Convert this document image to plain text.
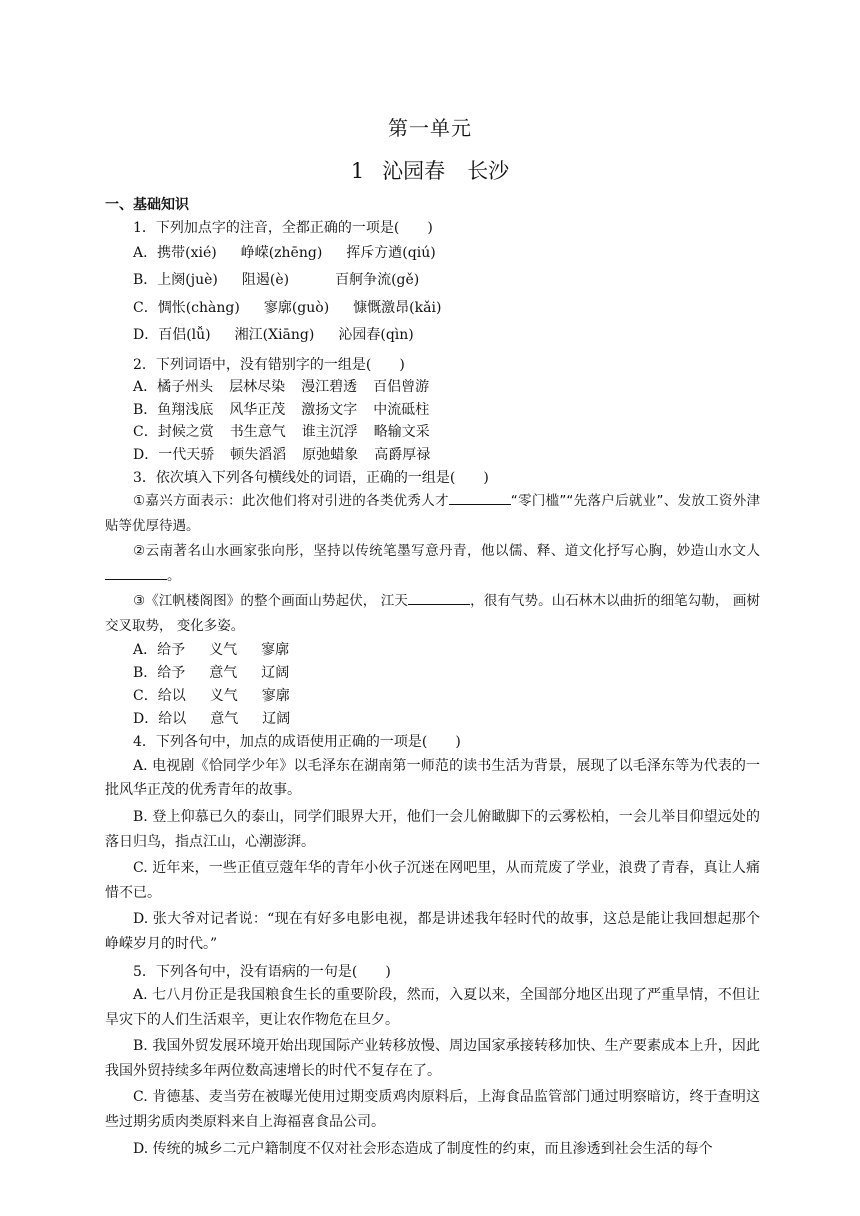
第一单元
1 沁园春 长沙
一、基础知识
1．下列加点字的注音，全都正确的一项是(　　)
A．携带(xié) 峥嵘(zhēng) 挥斥方遒(qiú)
B．上阕(juè) 阻遏(è)	百舸争流(gě)
C．惆怅(chàng) 寥廓(guò) 慷慨激昂(kǎi)
D．百侣(lǚ) 湘江(Xiāng) 沁园春(qìn)
2．下列词语中，没有错别字的一组是(　　)
A．橘子州头 层林尽染 漫江碧透 百侣曾游
B．鱼翔浅底 风华正茂 激扬文字 中流砥柱
C．封候之赏 书生意气 谁主沉浮 略输文采
D．一代天骄 顿失滔滔 原弛蜡象 高爵厚禄
3．依次填入下列各句横线处的词语，正确的一组是(　　)
①嘉兴方面表示：此次他们将对引进的各类优秀人才	“零门槛”“先落户后就业”、发放工资外津贴等优厚待遇。
②云南著名山水画家张向彤，坚持以传统笔墨写意丹青，他以儒、释、道文化抒写心胸，妙造山水文人。
③《江帆楼阁图》的整个画面山势起伏， 江天	，很有气势。山石林木以曲折的细笔勾勒， 画树交叉取势， 变化多姿。
A．给予 义气 寥廓
B．给予 意气 辽阔
C．给以 义气 寥廓
D．给以 意气 辽阔
4．下列各句中，加点的成语使用正确的一项是(　　)
A. 电视剧《恰同学少年》以毛泽东在湖南第一师范的读书生活为背景，展现了以毛泽东等为代表的一批风华正茂的优秀青年的故事。
B. 登上仰慕已久的泰山，同学们眼界大开，他们一会儿俯瞰脚下的云雾松柏，一会儿举目仰望远处的落日归鸟，指点江山，心潮澎湃。
C. 近年来，一些正值豆蔻年华的青年小伙子沉迷在网吧里，从而荒废了学业，浪费了青春，真让人痛惜不已。
D. 张大爷对记者说：“现在有好多电影电视，都是讲述我年轻时代的故事，这总是能让我回想起那个峥嵘岁月的时代。”
5．下列各句中，没有语病的一句是(　　)
A. 七八月份正是我国粮食生长的重要阶段，然而，入夏以来，全国部分地区出现了严重旱情，不但让旱灾下的人们生活艰辛，更让农作物危在旦夕。
B. 我国外贸发展环境开始出现国际产业转移放慢、周边国家承接转移加快、生产要素成本上升，因此我国外贸持续多年两位数高速增长的时代不复存在了。
C. 肯德基、麦当劳在被曝光使用过期变质鸡肉原料后，上海食品监管部门通过明察暗访，终于查明这些过期劣质肉类原料来自上海福喜食品公司。
D. 传统的城乡二元户籍制度不仅对社会形态造成了制度性的约束，而且渗透到社会生活的每个
